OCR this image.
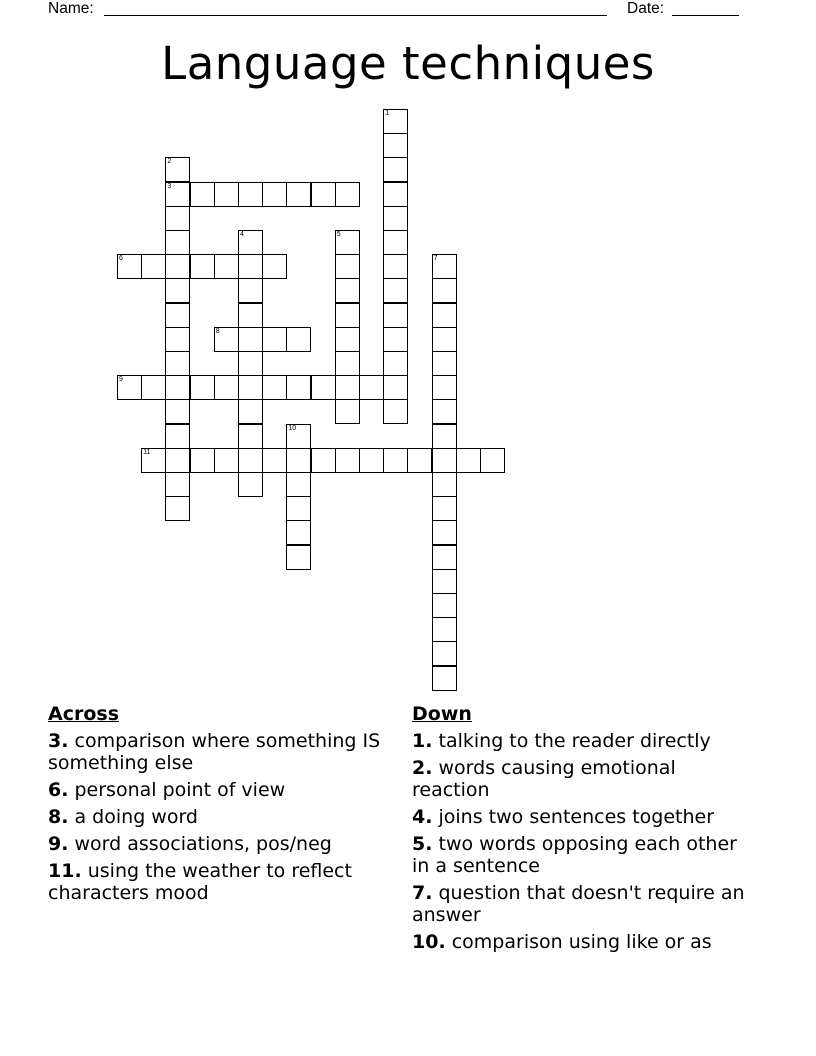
Name:	Date:
Language techniques
1
2
3
4	5
6	7
8
9
10
11
Across
3. comparison where something IS something else
6. personal point of view
8. a doing word
9. word associations, pos/neg
11. using the weather to reflect characters mood
Down
1. talking to the reader directly
2. words causing emotional reaction
4. joins two sentences together
5. two words opposing each other in a sentence
7. question that doesn't require an answer
10. comparison using like or as
